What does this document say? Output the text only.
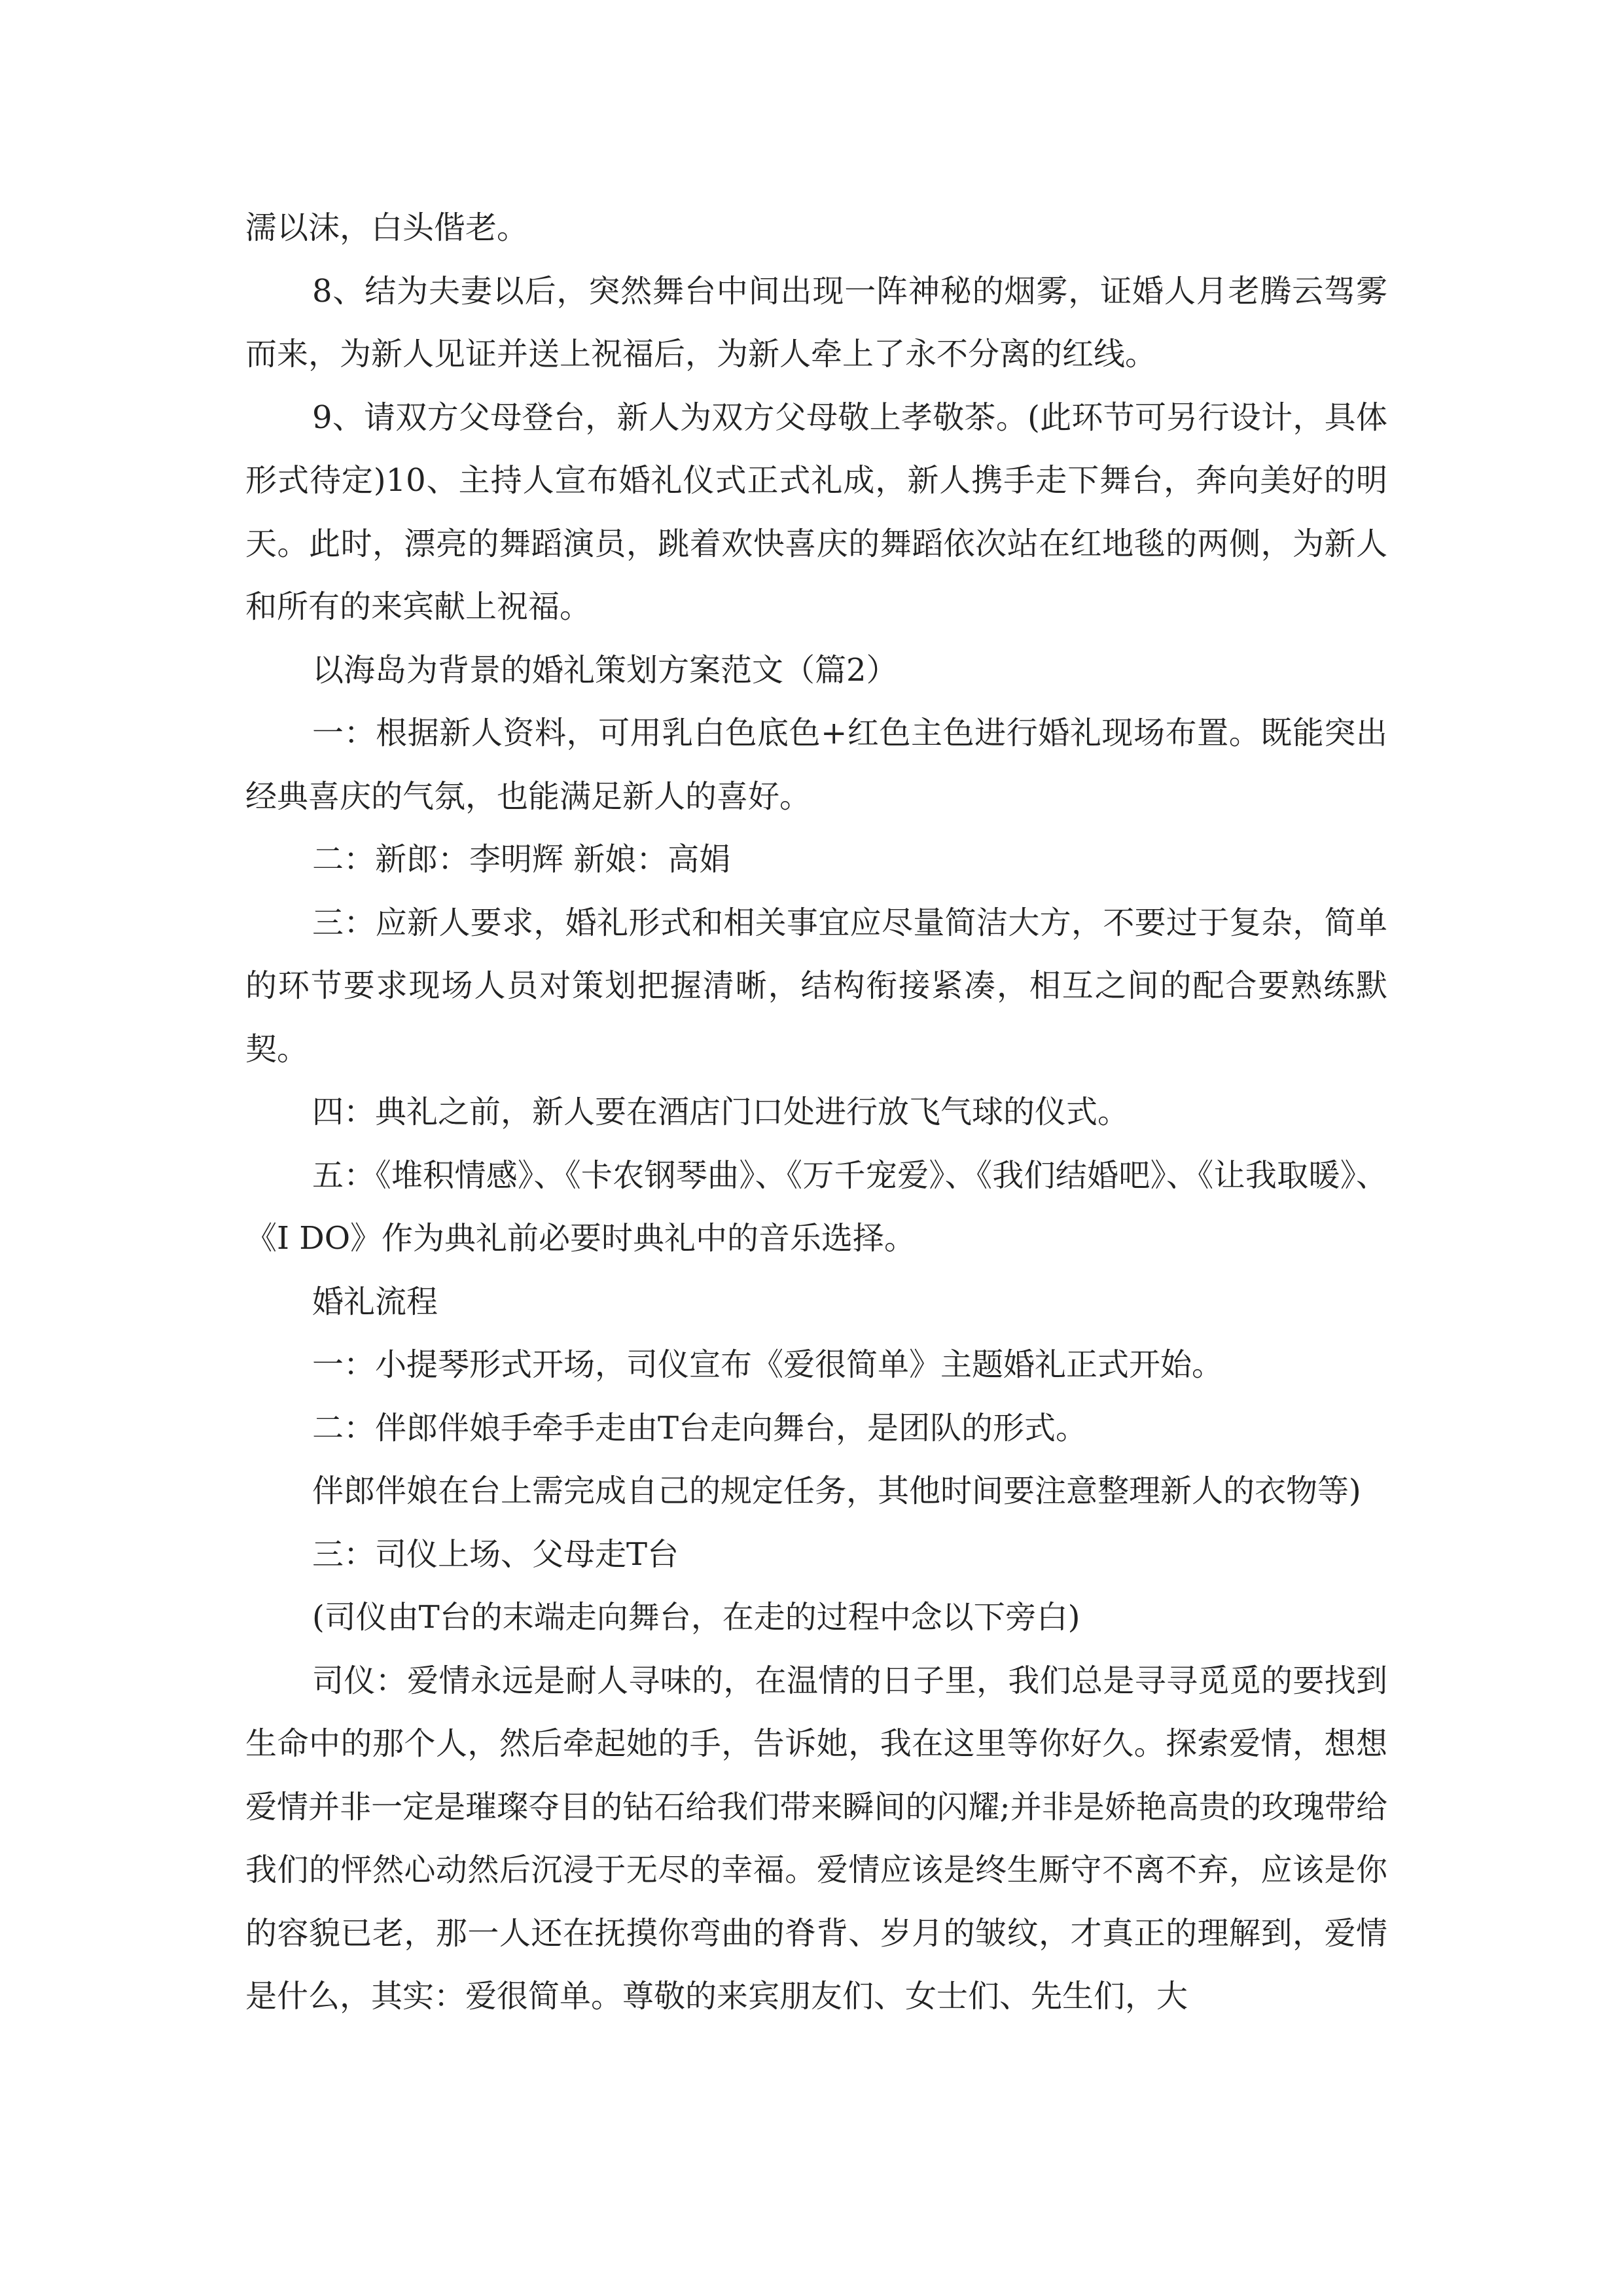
濡以沫，白头偕老。

8、结为夫妻以后，突然舞台中间出现一阵神秘的烟雾，证婚人月老腾云驾雾而来，为新人见证并送上祝福后，为新人牵上了永不分离的红线。

9、请双方父母登台，新人为双方父母敬上孝敬茶。(此环节可另行设计，具体形式待定)10、主持人宣布婚礼仪式正式礼成，新人携手走下舞台，奔向美好的明天。此时，漂亮的舞蹈演员，跳着欢快喜庆的舞蹈依次站在红地毯的两侧，为新人和所有的来宾献上祝福。

以海岛为背景的婚礼策划方案范文（篇2）

一：根据新人资料，可用乳白色底色+红色主色进行婚礼现场布置。既能突出经典喜庆的气氛，也能满足新人的喜好。

二：新郎：李明辉 新娘：高娟

三：应新人要求，婚礼形式和相关事宜应尽量简洁大方，不要过于复杂，简单的环节要求现场人员对策划把握清晰，结构衔接紧凑，相互之间的配合要熟练默契。

四：典礼之前，新人要在酒店门口处进行放飞气球的仪式。

五：《堆积情感》、《卡农钢琴曲》、《万千宠爱》、《我们结婚吧》、《让我取暖》、《I DO》作为典礼前必要时典礼中的音乐选择。

婚礼流程

一：小提琴形式开场，司仪宣布《爱很简单》主题婚礼正式开始。

二：伴郎伴娘手牵手走由T台走向舞台，是团队的形式。

伴郎伴娘在台上需完成自己的规定任务，其他时间要注意整理新人的衣物等)

三：司仪上场、父母走T台

(司仪由T台的末端走向舞台，在走的过程中念以下旁白)

司仪：爱情永远是耐人寻味的，在温情的日子里，我们总是寻寻觅觅的要找到生命中的那个人，然后牵起她的手，告诉她，我在这里等你好久。探索爱情，想想爱情并非一定是璀璨夺目的钻石给我们带来瞬间的闪耀;并非是娇艳高贵的玫瑰带给我们的怦然心动然后沉浸于无尽的幸福。爱情应该是终生厮守不离不弃，应该是你的容貌已老，那一人还在抚摸你弯曲的脊背、岁月的皱纹，才真正的理解到，爱情是什么，其实：爱很简单。尊敬的来宾朋友们、女士们、先生们，大
